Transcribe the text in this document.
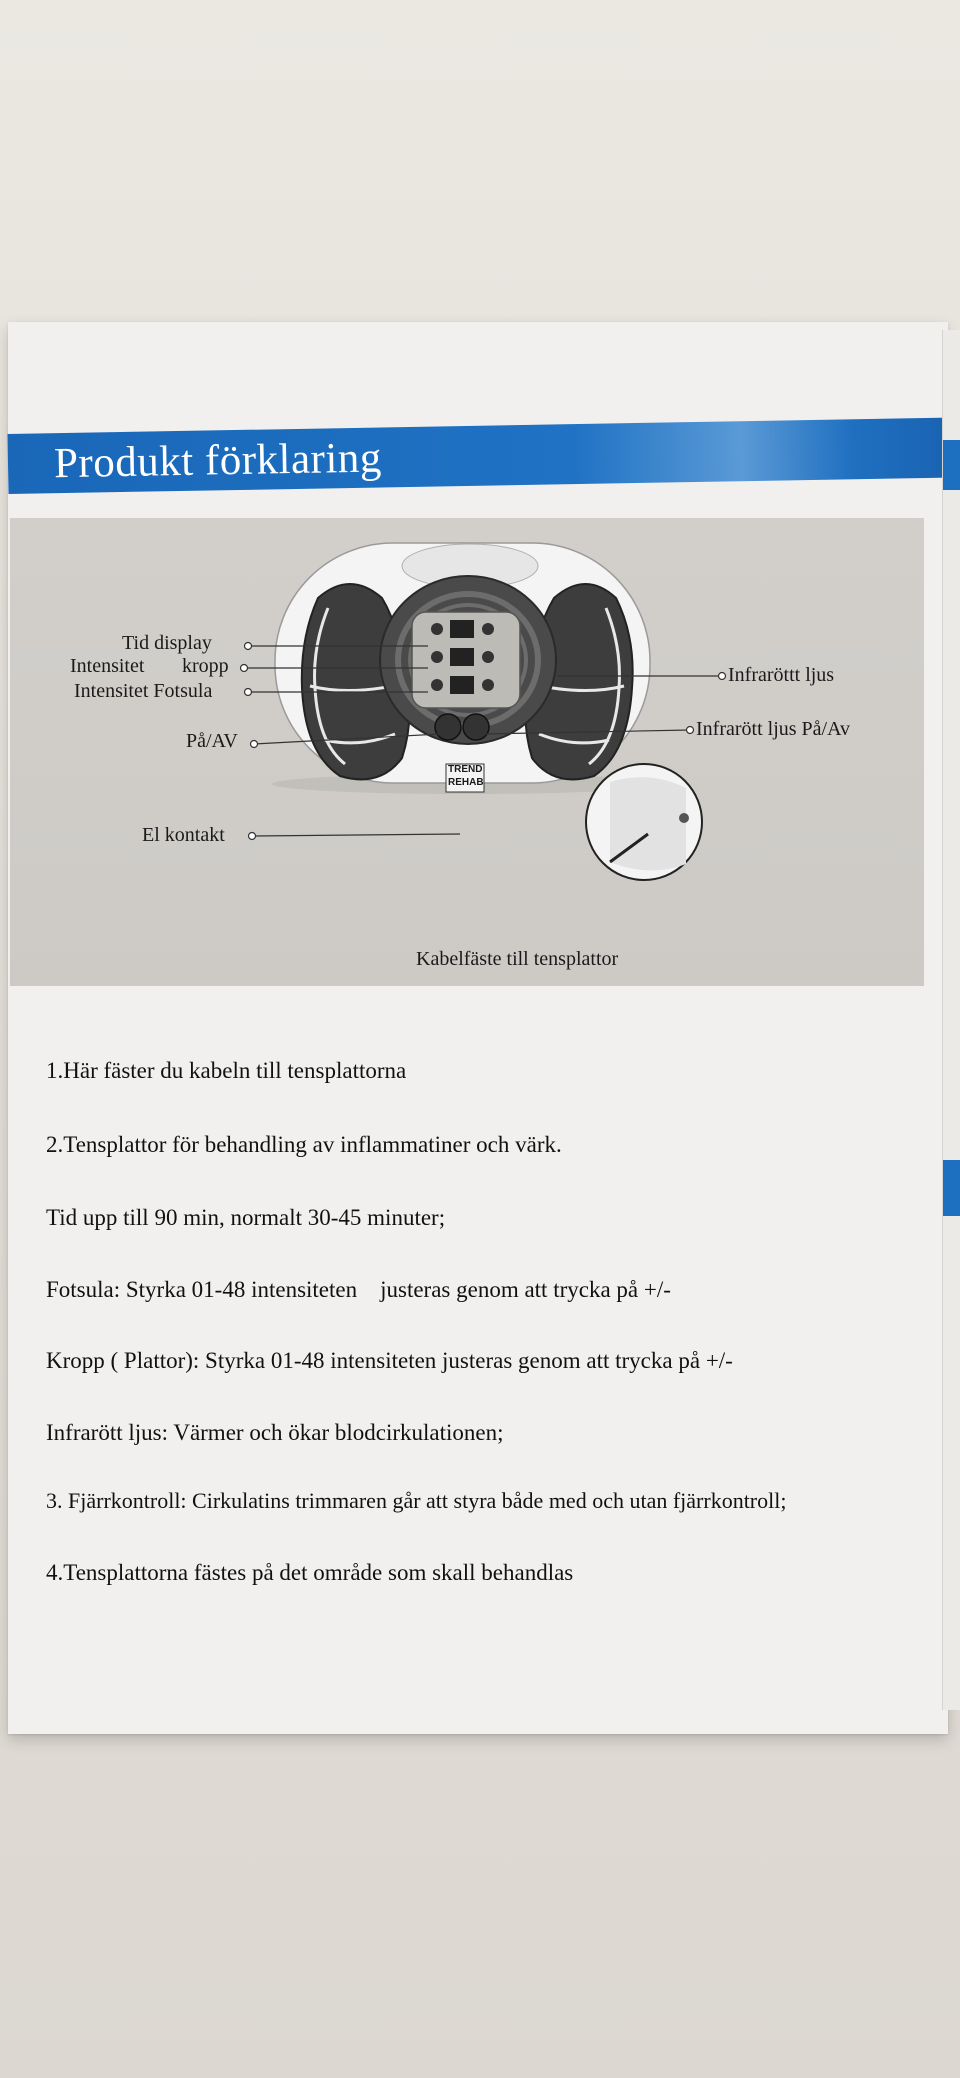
Produkt förklaring
Tid display
Intensitet kropp
Intensitet Fotsula
På/AV
El kontakt
Infraröttt ljus
Infrarött ljus På/Av
Kabelfäste till tensplattor
TREND
REHAB
1.Här fäster du kabeln till tensplattorna
2.Tensplattor för behandling av inflammatiner och värk.
Tid upp till 90 min, normalt 30-45 minuter;
Fotsula: Styrka 01-48 intensiteten    justeras genom att trycka på +/-
Kropp ( Plattor): Styrka 01-48 intensiteten justeras genom att trycka på +/-
Infrarött ljus: Värmer och ökar blodcirkulationen;
3. Fjärrkontroll: Cirkulatins trimmaren går att styra både med och utan fjärrkontroll;
4.Tensplattorna fästes på det område som skall behandlas
